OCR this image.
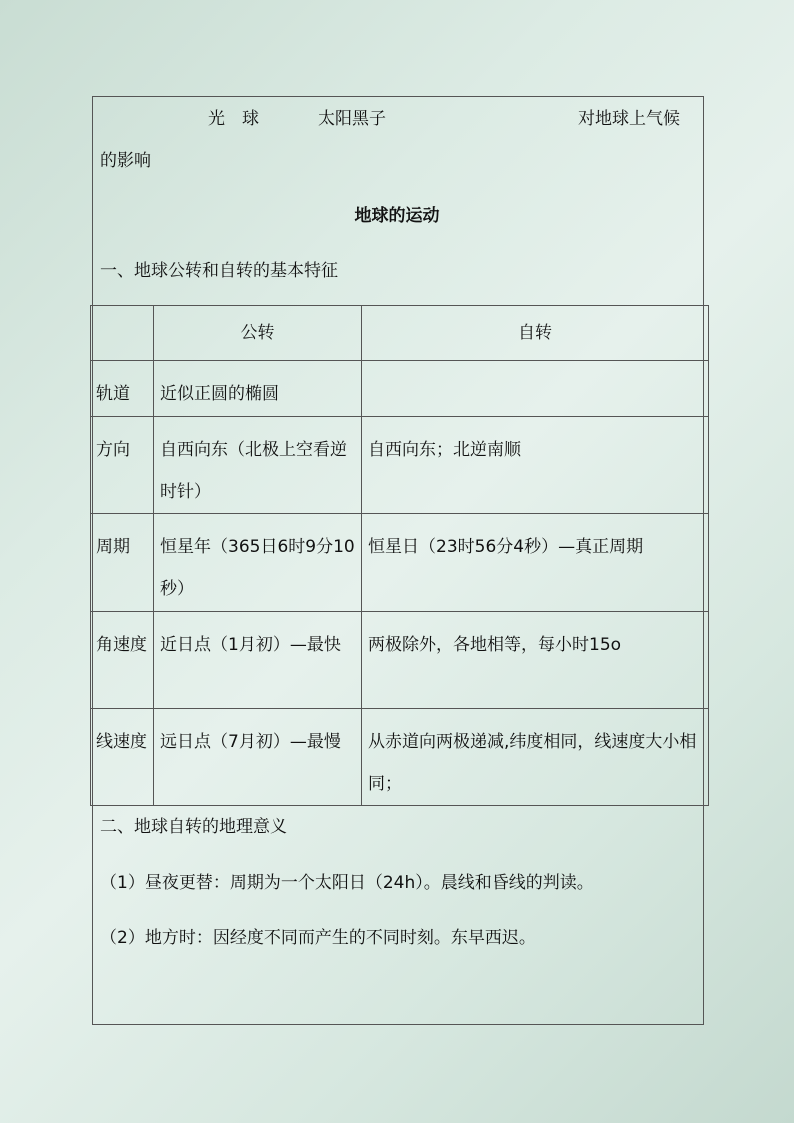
光　球	太阳黑子	对地球上气候
的影响
地球的运动
一、地球公转和自转的基本特征
	公转	自转
轨道	近似正圆的椭圆	
方向	自西向东（北极上空看逆时针）	自西向东；北逆南顺
周期	恒星年（365日6时9分10秒）	恒星日（23时56分4秒）—真正周期
角速度	近日点（1月初）—最快	两极除外，各地相等，每小时15o
线速度	远日点（7月初）—最慢	从赤道向两极递减,纬度相同，线速度大小相同；
二、地球自转的地理意义
（1）昼夜更替：周期为一个太阳日（24h）。晨线和昏线的判读。
（2）地方时：因经度不同而产生的不同时刻。东早西迟。
